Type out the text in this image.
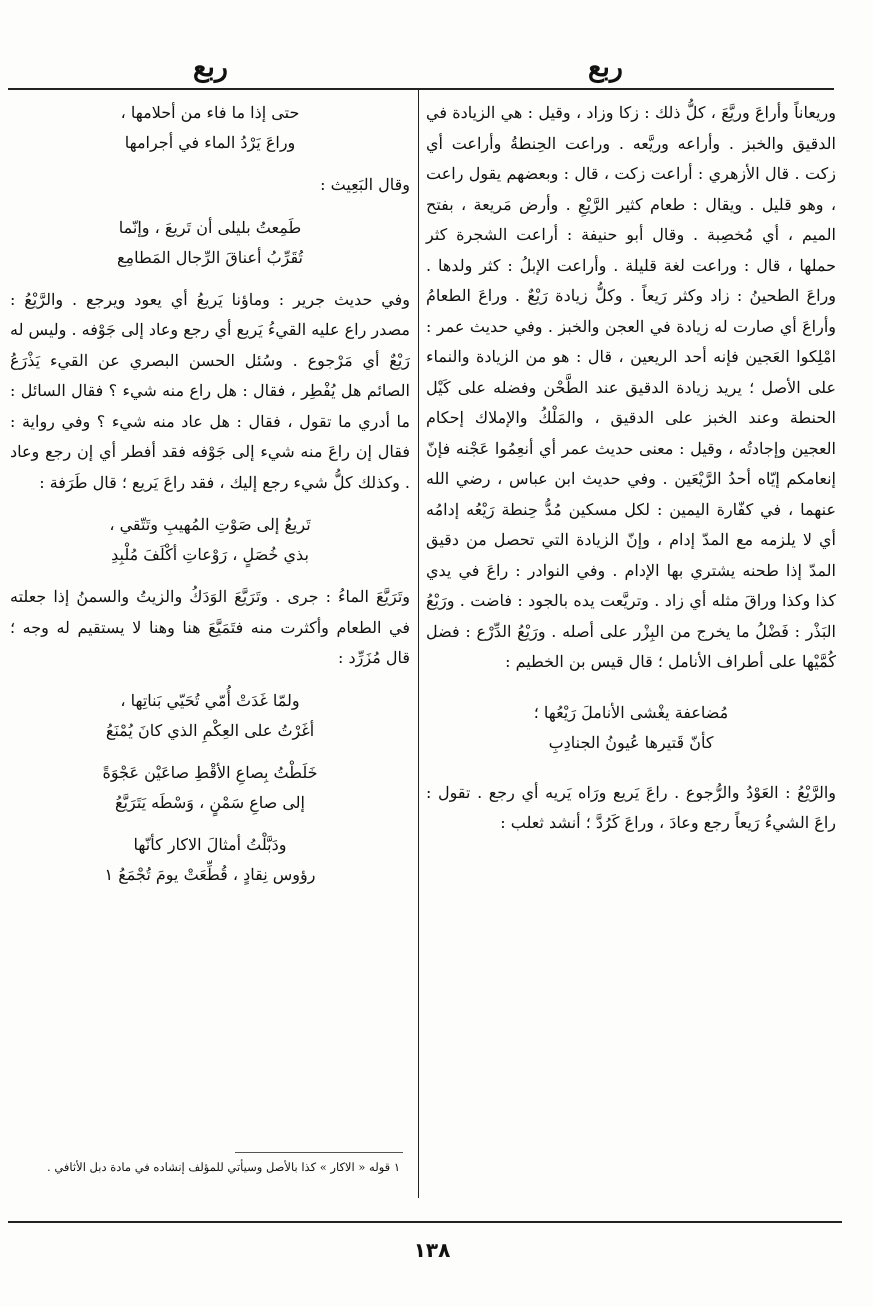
ربع
ربع

وريعاناً وأراعَ وريَّعَ ، كلُّ ذلك : زكا وزاد ، وقيل : هي الزيادة في الدقيق والخبز . وأراعه وريَّعه . وراعت الحِنطةُ وأراعت أي زكت . قال الأزهري : أراعت زكت ، قال : وبعضهم يقول راعت ، وهو قليل . ويقال : طعام كثير الرَّيْعِ . وأرض مَريعة ، بفتح الميم ، أي مُخصِبة . وقال أبو حنيفة : أراعت الشجرة كثر حملها ، قال : وراعت لغة قليلة . وأراعت الإبلُ : كثر ولدها . وراعَ الطحينُ : زاد وكثر رَيعاً . وكلُّ زيادة رَيْعٌ . وراعَ الطعامُ وأراعَ أي صارت له زيادة في العجن والخبز . وفي حديث عمر : امْلِكوا العَجين فإنه أحد الريعين ، قال : هو من الزيادة والنماء على الأصل ؛ يريد زيادة الدقيق عند الطَّحْن وفضله على كَيْل الحنطة وعند الخبز على الدقيق ، والمَلْكُ والإملاك إحكام العجين وإجادتُه ، وقيل : معنى حديث عمر أي أنعِمُوا عَجْنه فإنّ إنعامكم إيّاه أحدُ الرَّيْعَين . وفي حديث ابن عباس ، رضي الله عنهما ، في كفّارة اليمين : لكل مسكين مُدُّ حِنطة رَيْعُه إدامُه أي لا يلزمه مع المدّ إدام ، وإنّ الزيادة التي تحصل من دقيق المدّ إذا طحنه يشتري بها الإدام . وفي النوادر : راعَ في يدي كذا وكذا وراقَ مثله أي زاد . وتريَّعت يده بالجود : فاضت . ورَيْعُ البَذْر : فَضْلُ ما يخرج من البِزْر على أصله . ورَيْعُ الدِّرْع : فضل كُمَّيْها على أطراف الأنامل ؛ قال قيس بن الخطيم :

مُضاعفة يغْشى الأناملَ رَيْعُها ؛
كأنّ قَتيرها عُيونُ الجنادِبِ

والرَّيْعُ : العَوْدُ والرُّجوع . راعَ يَريع ورَاه يَريه أي رجع . تقول : راعَ الشيءُ رَيعاً رجع وعادَ ، وراعَ كَرُدَّ ؛ أنشد ثعلب :

حتى إذا ما فاء من أحلامها ،
وراعَ يَرْدُ الماء في أجرامها

وقال البَعِيث :

طَمِعتُ بليلى أن تَريعَ ، وإنّما
تُقَرِّبُ أعناقَ الرِّجال المَطامِع

وفي حديث جرير : وماؤنا يَريعُ أي يعود ويرجع . والرَّيْعُ : مصدر راع عليه القيءُ يَريع أي رجع وعاد إلى جَوْفه . وليس له رَيْعٌ أي مَرْجوع . وسُئل الحسن البصري عن القيء يَذْرَعُ الصائم هل يُفْطِر ، فقال : هل راع منه شيء ؟ فقال السائل : ما أدري ما تقول ، فقال : هل عاد منه شيء ؟ وفي رواية : فقال إن راعَ منه شيء إلى جَوْفه فقد أفطر أي إن رجع وعاد . وكذلك كلُّ شيء رجع إليك ، فقد راعَ يَريع ؛ قال طَرَفة :

تَريعُ إلى صَوْتِ المُهيبِ وتَتّقي ،
بذي خُصَلٍ ، رَوْعاتِ أكْلَفَ مُلْبِدِ

وتَرَيَّعَ الماءُ : جرى . وتَرَيَّعَ الوَدَكُ والزيتُ والسمنُ إذا جعلته في الطعام وأكثرت منه فتَمَيَّعَ هنا وهنا لا يستقيم له وجه ؛ قال مُزَرِّد :

ولمّا غَدَتْ أُمّي تُحَيّي بَناتِها ،
أغَرْتُ على العِكْمِ الذي كانَ يُمْنَعُ
خَلَطْتُ بِصاعِ الأقْطِ صاعَيْن عَجْوَةً
إلى صاعِ سَمْنٍ ، وَسْطَه يَتَرَيَّعُ
ودَبَّلْتُ أمثالَ الاكار كأنّها
رؤوس نِقادٍ ، قُطِّعَتْ يومَ تُجْمَعُ ١
١ قوله « الاكار » كذا بالأصل وسيأتي للمؤلف إنشاده في مادة دبل الأثافي .
١٣٨
